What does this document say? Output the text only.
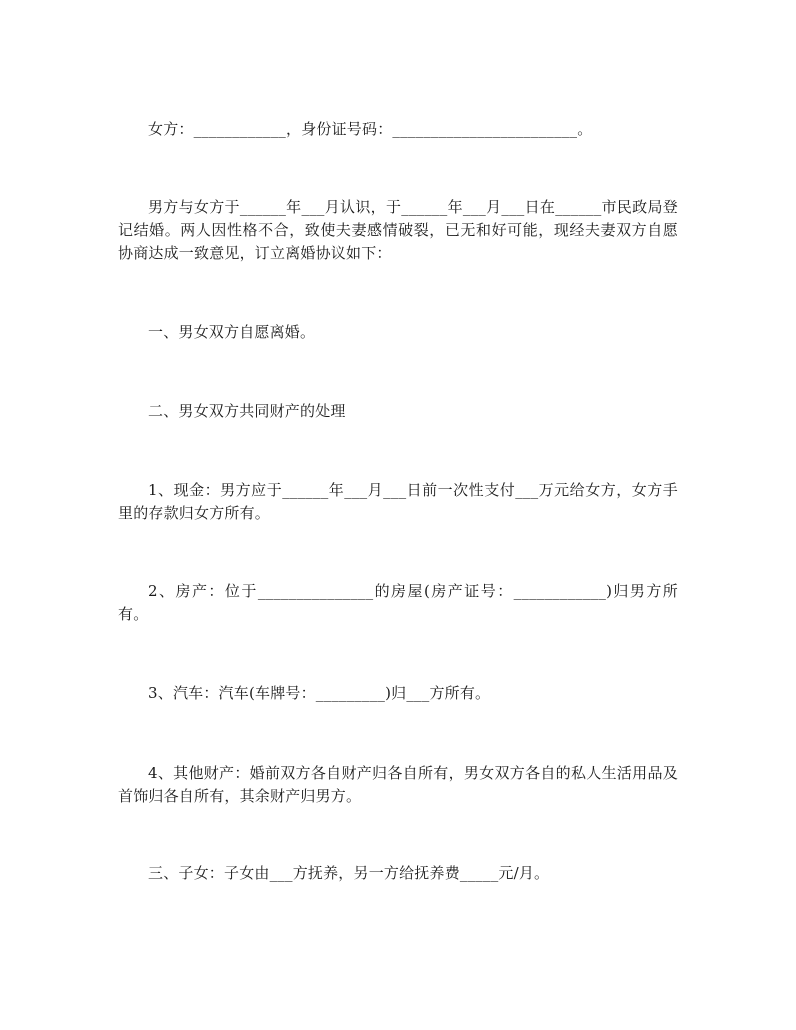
女方：____________，身份证号码：________________________。

男方与女方于______年___月认识，于______年___月___日在______市民政局登记结婚。两人因性格不合，致使夫妻感情破裂，已无和好可能，现经夫妻双方自愿协商达成一致意见，订立离婚协议如下：

一、男女双方自愿离婚。

二、男女双方共同财产的处理

1、现金：男方应于______年___月___日前一次性支付___万元给女方，女方手里的存款归女方所有。

2、房产：位于_______________的房屋(房产证号：____________)归男方所有。

3、汽车：汽车(车牌号：_________)归___方所有。

4、其他财产：婚前双方各自财产归各自所有，男女双方各自的私人生活用品及首饰归各自所有，其余财产归男方。

三、子女：子女由___方抚养，另一方给抚养费_____元/月。
